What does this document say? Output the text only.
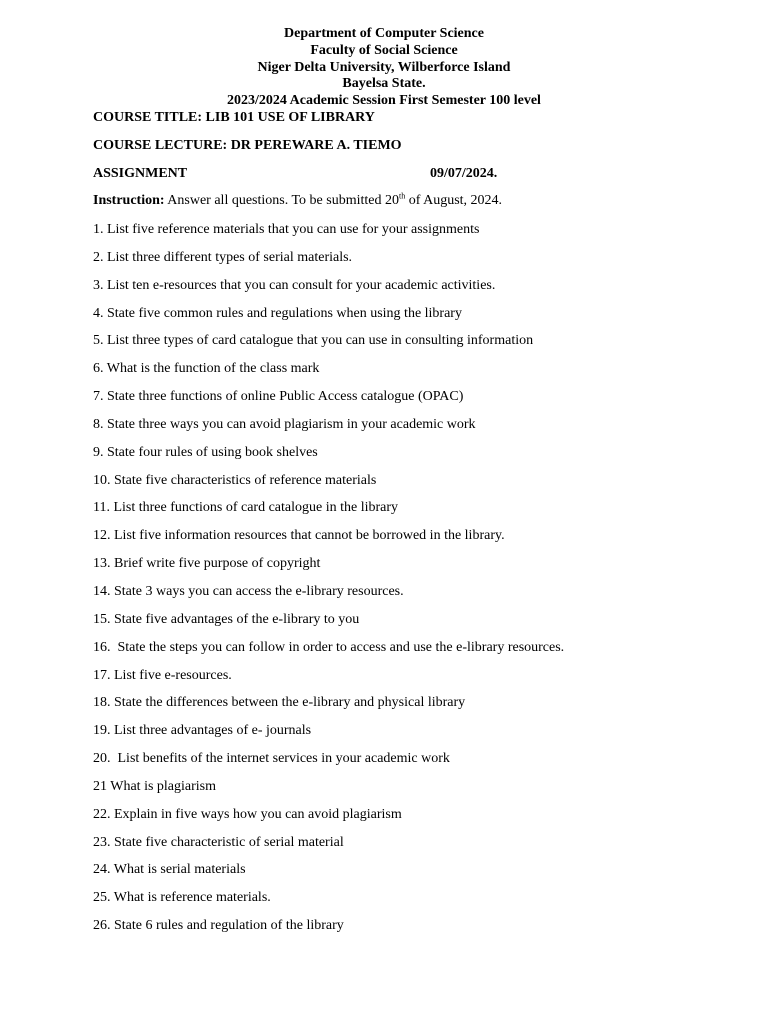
Department of Computer Science
Faculty of Social Science
Niger Delta University, Wilberforce Island
Bayelsa State.
2023/2024 Academic Session First Semester 100 level
COURSE TITLE: LIB 101 USE OF LIBRARY
COURSE LECTURE: DR PEREWARE A. TIEMO
ASSIGNMENT	09/07/2024.
Instruction: Answer all questions. To be submitted 20th of August, 2024.
1. List five reference materials that you can use for your assignments
2. List three different types of serial materials.
3. List ten e-resources that you can consult for your academic activities.
4. State five common rules and regulations when using the library
5. List three types of card catalogue that you can use in consulting information
6. What is the function of the class mark
7. State three functions of online Public Access catalogue (OPAC)
8. State three ways you can avoid plagiarism in your academic work
9. State four rules of using book shelves
10. State five characteristics of reference materials
11. List three functions of card catalogue in the library
12. List five information resources that cannot be borrowed in the library.
13. Brief write five purpose of copyright
14. State 3 ways you can access the e-library resources.
15. State five advantages of the e-library to you
16.  State the steps you can follow in order to access and use the e-library resources.
17. List five e-resources.
18. State the differences between the e-library and physical library
19. List three advantages of e- journals
20.  List benefits of the internet services in your academic work
21 What is plagiarism
22. Explain in five ways how you can avoid plagiarism
23. State five characteristic of serial material
24. What is serial materials
25. What is reference materials.
26. State 6 rules and regulation of the library
